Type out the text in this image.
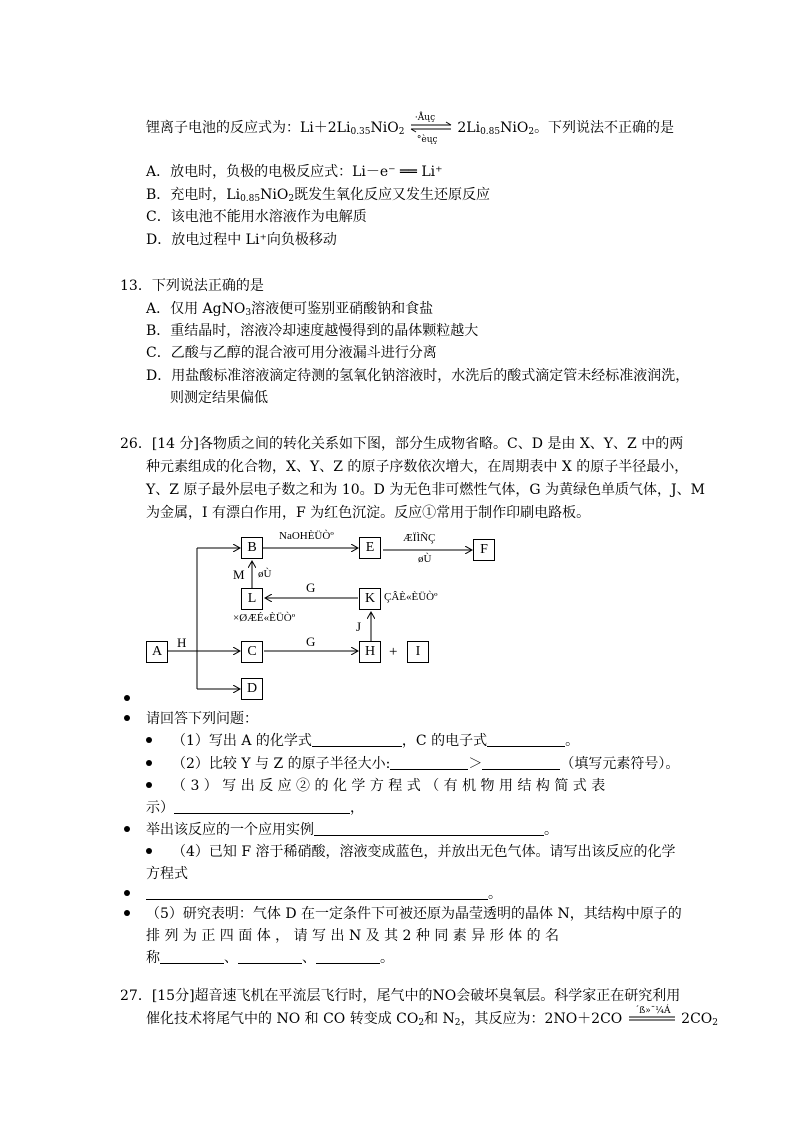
锂离子电池的反应式为：$Li+2Li_{0.35}NiO_2$
·Åųç
°èųç
$2Li_{0.85}NiO_2$。下列说法不正确的是
A．放电时，负极的电极反应式：Li－e⁻ ══ Li⁺
B．充电时，$Li_{0.85}NiO_2$既发生氧化反应又发生还原反应
C．该电池不能用水溶液作为电解质
D．放电过程中 Li⁺向负极移动
13．下列说法正确的是
A．仅用 AgNO$_3$溶液便可鉴别亚硝酸钠和食盐
B．重结晶时，溶液冷却速度越慢得到的晶体颗粒越大
C．乙酸与乙醇的混合液可用分液漏斗进行分离
D．用盐酸标准溶液滴定待测的氢氧化钠溶液时，水洗后的酸式滴定管未经标准液润洗，
则测定结果偏低
26．[14 分]各物质之间的转化关系如下图，部分生成物省略。C、D 是由 X、Y、Z 中的两
种元素组成的化合物，X、Y、Z 的原子序数依次增大，在周期表中 X 的原子半径最小，
Y、Z 原子最外层电子数之和为 10。D 为无色非可燃性气体，G 为黄绿色单质气体，J、M
为金属，I 有漂白作用，F 为红色沉淀。反应①常用于制作印刷电路板。
A
B
C
D
E	F
L	K
H	I
+
H
NaOHÈÜÒº	ÆÏÌÑÇ
øÙ
M øÙ
G
ÇÂÈ«ÈÜÒº
×ØÆÉ«ÈÜÒº
G
J
请回答下列问题：
（1）写出 A 的化学式	，C 的电子式	。
（2）比较 Y 与 Z 的原子半径大小:	＞	（填写元素符号）。
（ 3 ） 写 出 反 应 ② 的 化 学 方 程 式 （ 有 机 物 用 结 构 简 式 表
示）	，
举出该反应的一个应用实例	。
（4）已知 F 溶于稀硝酸，溶液变成蓝色，并放出无色气体。请写出该反应的化学
方程式
。
（5）研究表明：气体 D 在一定条件下可被还原为晶莹透明的晶体 N，其结构中原子的
排 列 为 正 四 面 体 ， 请 写 出 N 及 其 2 种 同 素 异 形 体 的 名
称	、	、	。
27．[15分]超音速飞机在平流层飞行时，尾气中的NO会破坏臭氧层。科学家正在研究利用
催化技术将尾气中的 NO 和 CO 转变成 $CO_2$和 $N_2$，其反应为：2NO＋2CO ´ß»¯¼Á $2CO_2$
